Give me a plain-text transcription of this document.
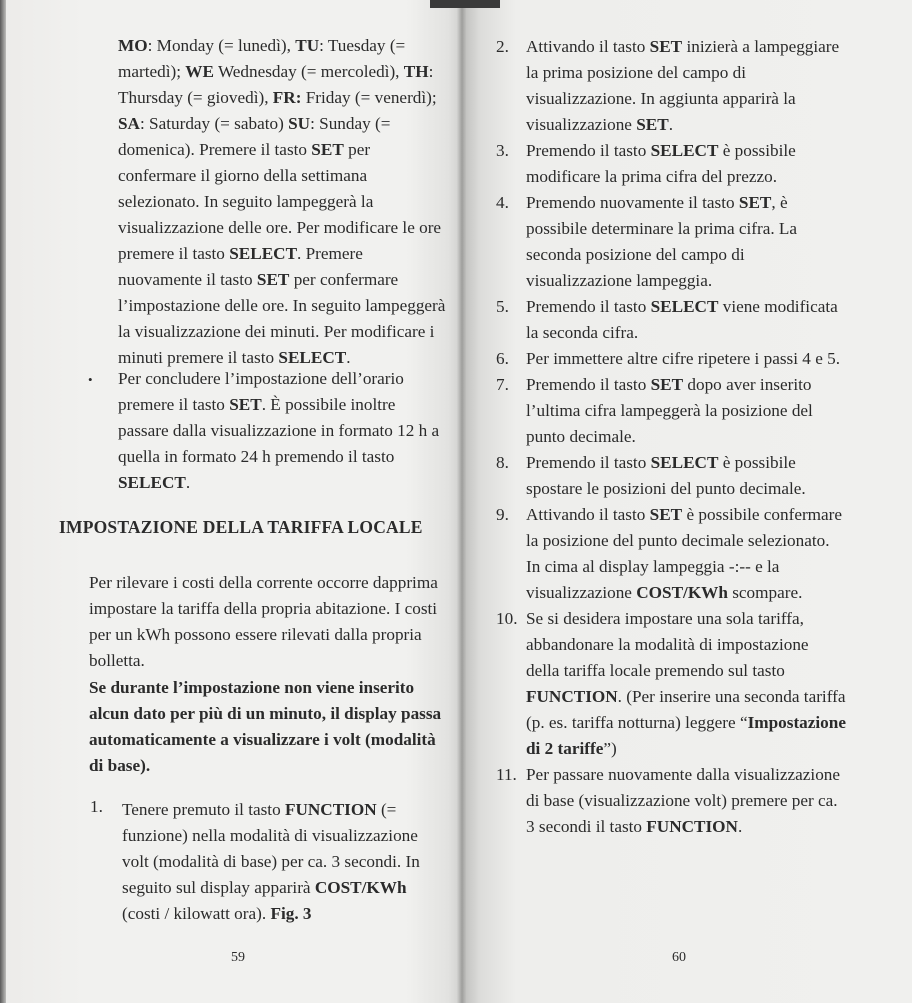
MO: Monday (= lunedì), TU: Tuesday (= martedì); WE Wednesday (= mercoledì), TH: Thursday (= giovedì), FR: Friday (= venerdì); SA: Saturday (= sabato) SU: Sunday (= domenica). Premere il tasto SET per confermare il giorno della settimana selezionato. In seguito lampeggerà la visualizzazione delle ore. Per modificare le ore premere il tasto SELECT. Premere nuovamente il tasto SET per confermare l’impostazione delle ore. In seguito lampeggerà la visualizzazione dei minuti. Per modificare i minuti premere il tasto SELECT.

• Per concludere l’impostazione dell’orario premere il tasto SET. È possibile inoltre passare dalla visualizzazione in formato 12 h a quella in formato 24 h premendo il tasto SELECT.

IMPOSTAZIONE DELLA TARIFFA LOCALE

Per rilevare i costi della corrente occorre dapprima impostare la tariffa della propria abitazione. I costi per un kWh possono essere rilevati dalla propria bolletta.

Se durante l’impostazione non viene inserito alcun dato per più di un minuto, il display passa automaticamente a visualizzare i volt (modalità di base).

1. Tenere premuto il tasto FUNCTION (= funzione) nella modalità di visualizzazione volt (modalità di base) per ca. 3 secondi. In seguito sul display apparirà COST/KWh (costi / kilowatt ora). Fig. 3

59	60

2. Attivando il tasto SET inizierà a lampeggiare la prima posizione del campo di visualizzazione. In aggiunta apparirà la visualizzazione SET.

3. Premendo il tasto SELECT è possibile modificare la prima cifra del prezzo.

4. Premendo nuovamente il tasto SET, è possibile determinare la prima cifra. La seconda posizione del campo di visualizzazione lampeggia.

5. Premendo il tasto SELECT viene modificata la seconda cifra.

6. Per immettere altre cifre ripetere i passi 4 e 5.

7. Premendo il tasto SET dopo aver inserito l’ultima cifra lampeggerà la posizione del punto decimale.

8. Premendo il tasto SELECT è possibile spostare le posizioni del punto decimale.

9. Attivando il tasto SET è possibile confermare la posizione del punto decimale selezionato. In cima al display lampeggia -:-- e la visualizzazione COST/KWh scompare.

10. Se si desidera impostare una sola tariffa, abbandonare la modalità di impostazione della tariffa locale premendo sul tasto FUNCTION. (Per inserire una seconda tariffa (p. es. tariffa notturna) leggere “Impostazione di 2 tariffe”)

11. Per passare nuovamente dalla visualizzazione di base (visualizzazione volt) premere per ca. 3 secondi il tasto FUNCTION.
